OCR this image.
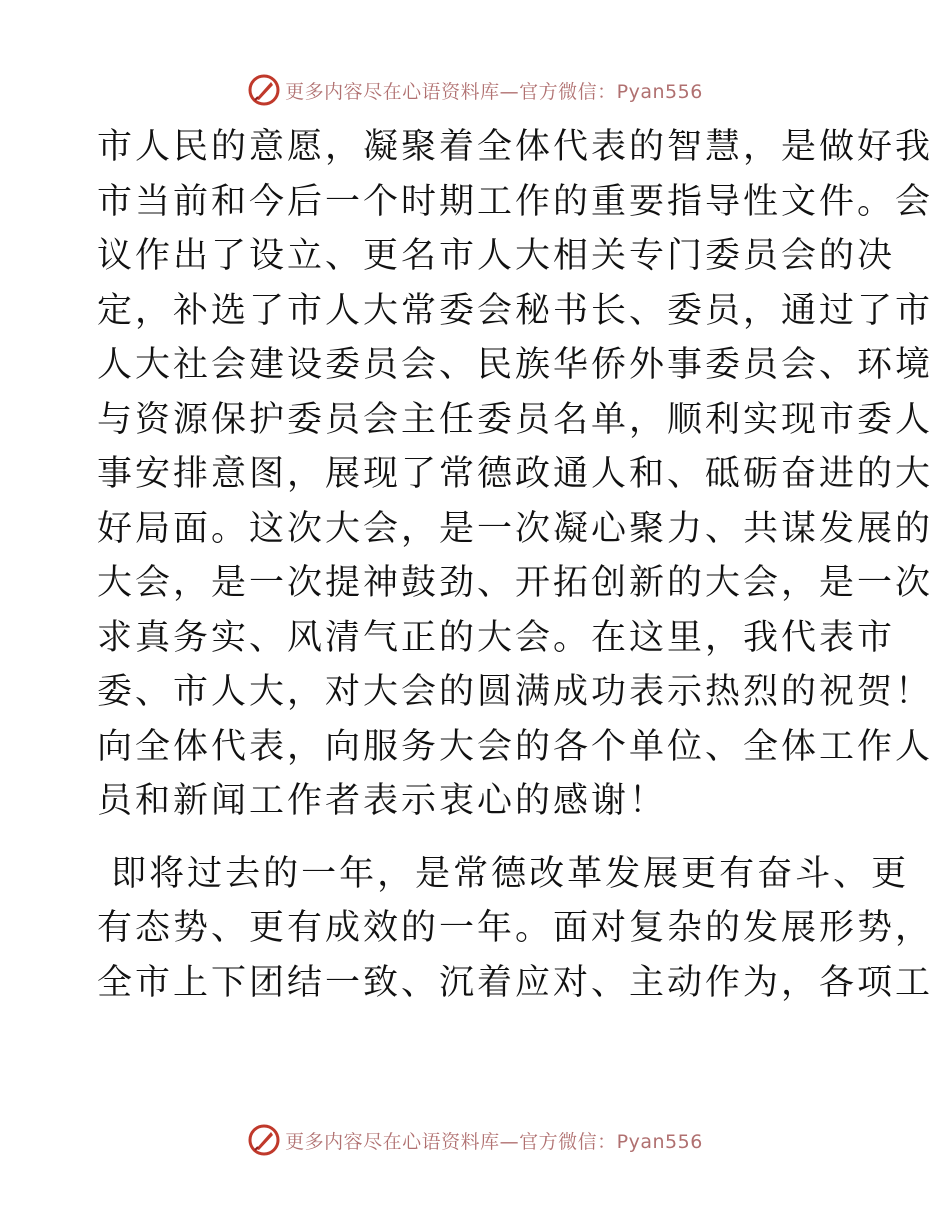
更多内容尽在心语资料库—官方微信：Pyan556

市人民的意愿，凝聚着全体代表的智慧，是做好我
市当前和今后一个时期工作的重要指导性文件。会
议作出了设立、更名市人大相关专门委员会的决
定，补选了市人大常委会秘书长、委员，通过了市
人大社会建设委员会、民族华侨外事委员会、环境
与资源保护委员会主任委员名单，顺利实现市委人
事安排意图，展现了常德政通人和、砥砺奋进的大
好局面。这次大会，是一次凝心聚力、共谋发展的
大会，是一次提神鼓劲、开拓创新的大会，是一次
求真务实、风清气正的大会。在这里，我代表市
委、市人大，对大会的圆满成功表示热烈的祝贺！
向全体代表，向服务大会的各个单位、全体工作人
员和新闻工作者表示衷心的感谢！

即将过去的一年，是常德改革发展更有奋斗、更
有态势、更有成效的一年。面对复杂的发展形势，
全市上下团结一致、沉着应对、主动作为，各项工

更多内容尽在心语资料库—官方微信：Pyan556
